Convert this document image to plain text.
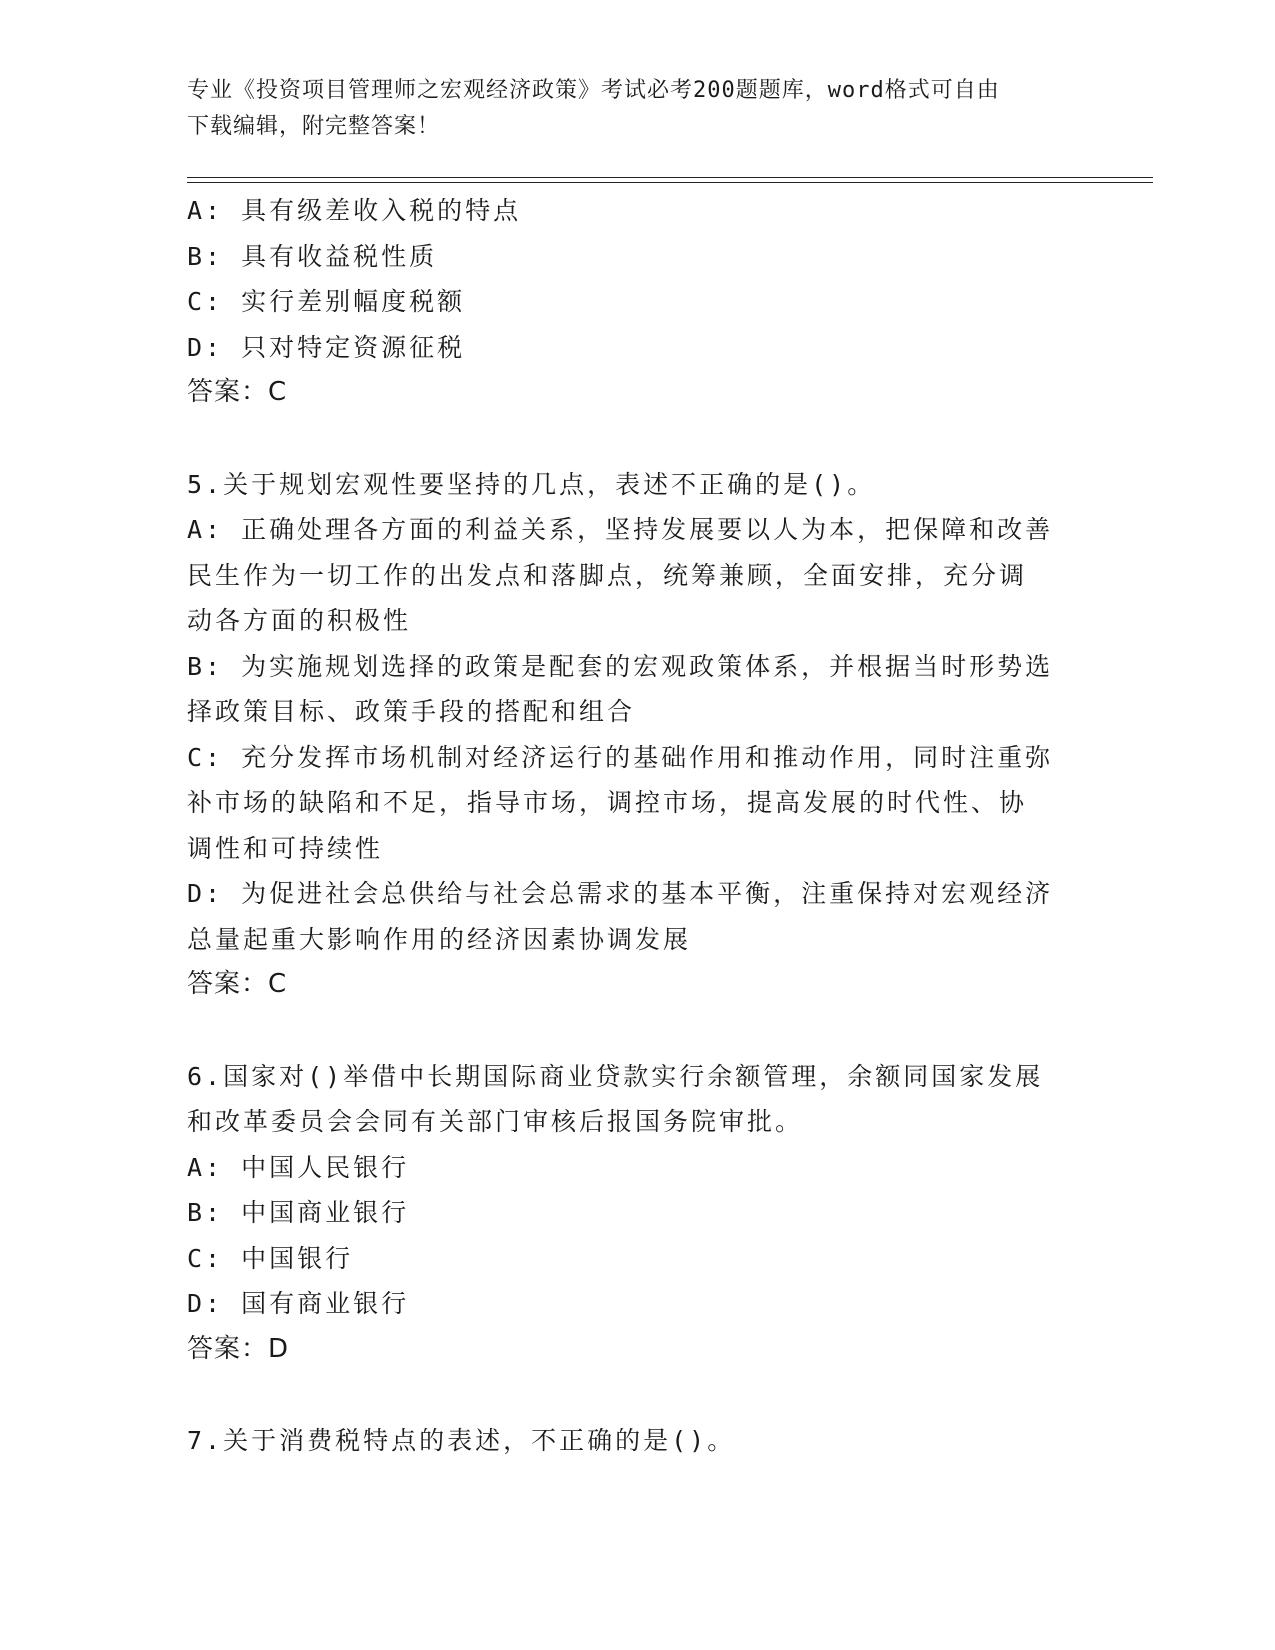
专业《投资项目管理师之宏观经济政策》考试必考200题题库，word格式可自由
下载编辑，附完整答案！
A: 具有级差收入税的特点
B: 具有收益税性质
C: 实行差别幅度税额
D: 只对特定资源征税
答案：C
5.关于规划宏观性要坚持的几点，表述不正确的是()。
A: 正确处理各方面的利益关系，坚持发展要以人为本，把保障和改善
民生作为一切工作的出发点和落脚点，统筹兼顾，全面安排，充分调
动各方面的积极性
B: 为实施规划选择的政策是配套的宏观政策体系，并根据当时形势选
择政策目标、政策手段的搭配和组合
C: 充分发挥市场机制对经济运行的基础作用和推动作用，同时注重弥
补市场的缺陷和不足，指导市场，调控市场，提高发展的时代性、协
调性和可持续性
D: 为促进社会总供给与社会总需求的基本平衡，注重保持对宏观经济
总量起重大影响作用的经济因素协调发展
答案：C
6.国家对()举借中长期国际商业贷款实行余额管理，余额同国家发展
和改革委员会会同有关部门审核后报国务院审批。
A: 中国人民银行
B: 中国商业银行
C: 中国银行
D: 国有商业银行
答案：D
7.关于消费税特点的表述，不正确的是()。
